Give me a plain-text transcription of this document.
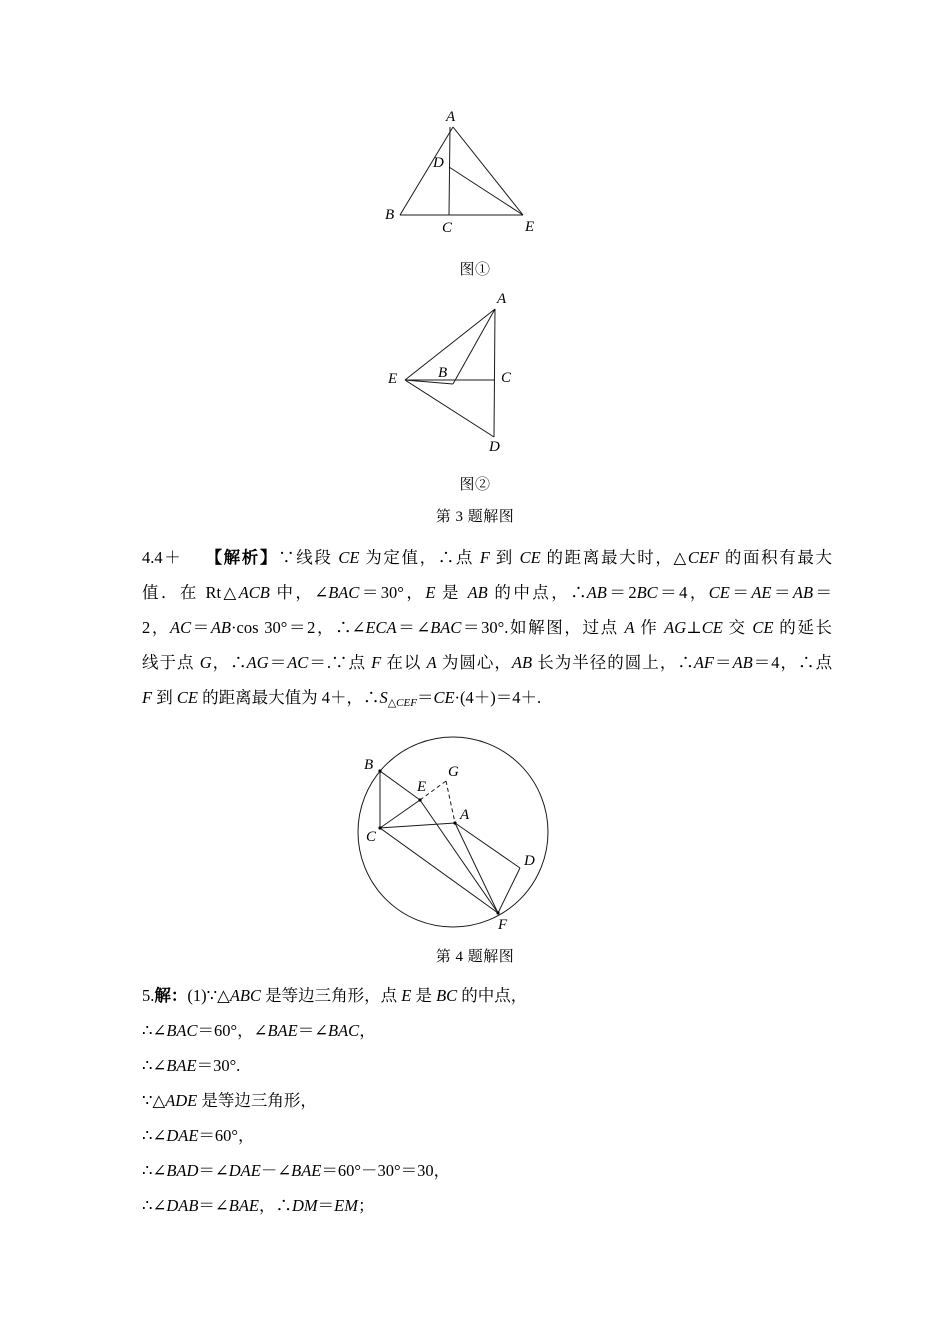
A
D
B
C	E
图①
A
B	C
D
E
图②
第 3 题解图
4.4＋ 【解析】∵线段 CE 为定值，∴点 F 到 CE 的距离最大时，△CEF 的面积有最大
值．在 Rt△ACB 中，∠BAC＝30°，E 是 AB 的中点，∴AB＝2BC＝4，CE＝AE＝AB＝
2，AC＝AB·cos 30°＝2，∴∠ECA＝∠BAC＝30°.如解图，过点 A 作 AG⊥CE 交 CE 的延长
线于点 G，∴AG＝AC＝.∵点 F 在以 A 为圆心，AB 长为半径的圆上，∴AF＝AB＝4，∴点
F 到 CE 的距离最大值为 4＋，∴S△CEF＝CE·(4＋)＝4＋.
B
E
G
A
C
D
F
第 4 题解图
5.解：(1)∵△ABC 是等边三角形，点 E 是 BC 的中点，
∴∠BAC＝60°，∠BAE＝∠BAC，
∴∠BAE＝30°.
∵△ADE 是等边三角形，
∴∠DAE＝60°，
∴∠BAD＝∠DAE－∠BAE＝60°－30°＝30，
∴∠DAB＝∠BAE，∴DM＝EM；
